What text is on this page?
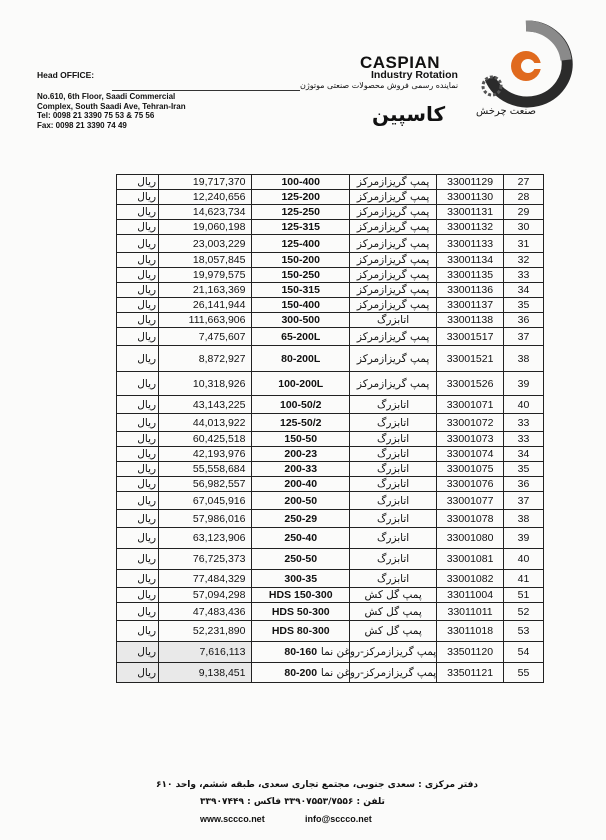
Head OFFICE:
No.610, 6th Floor, Saadi Commercial
Complex, South Saadi Ave, Tehran-Iran
Tel: 0098 21 3390 75 53 & 75 56
Fax: 0098 21 3390 74 49
CASPIAN
Industry Rotation
نماینده رسمی فروش محصولات صنعتی موتوژن
صنعت چرخش
کاسپین
ریال	19,717,370	100-400	پمپ گریزازمرکز	33001129	27
ریال	12,240,656	125-200	پمپ گریزازمرکز	33001130	28
ریال	14,623,734	125-250	پمپ گریزازمرکز	33001131	29
ریال	19,060,198	125-315	پمپ گریزازمرکز	33001132	30
ریال	23,003,229	125-400	پمپ گریزازمرکز	33001133	31
ریال	18,057,845	150-200	پمپ گریزازمرکز	33001134	32
ریال	19,979,575	150-250	پمپ گریزازمرکز	33001135	33
ریال	21,163,369	150-315	پمپ گریزازمرکز	33001136	34
ریال	26,141,944	150-400	پمپ گریزازمرکز	33001137	35
ریال	111,663,906	300-500	اتابزرگ	33001138	36
ریال	7,475,607	65-200L	پمپ گریزازمرکز	33001517	37
ریال	8,872,927	80-200L	پمپ گریزازمرکز	33001521	38
ریال	10,318,926	100-200L	پمپ گریزازمرکز	33001526	39
ریال	43,143,225	100-50/2	اتابزرگ	33001071	40
ریال	44,013,922	125-50/2	اتابزرگ	33001072	33
ریال	60,425,518	150-50	اتابزرگ	33001073	33
ریال	42,193,976	200-23	اتابزرگ	33001074	34
ریال	55,558,684	200-33	اتابزرگ	33001075	35
ریال	56,982,557	200-40	اتابزرگ	33001076	36
ریال	67,045,916	200-50	اتابزرگ	33001077	37
ریال	57,986,016	250-29	اتابزرگ	33001078	38
ریال	63,123,906	250-40	اتابزرگ	33001080	39
ریال	76,725,373	250-50	اتابزرگ	33001081	40
ریال	77,484,329	300-35	اتابزرگ	33001082	41
ریال	57,094,298	HDS 150-300	پمپ گل کش	33011004	51
ریال	47,483,436	HDS 50-300	پمپ گل کش	33011011	52
ریال	52,231,890	HDS 80-300	پمپ گل کش	33011018	53
ریال	7,616,113	80-160	پمپ گریزازمرکز-روغن نما	33501120	54
ریال	9,138,451	80-200	پمپ گریزازمرکز-روغن نما	33501121	55
دفتر مرکزی : سعدی جنوبی، مجتمع تجاری سعدی، طبقه ششم، واحد ۶۱۰
تلفن : ۳۳۹۰۷۵۵۳/۷۵۵۶ فاکس : ۳۳۹۰۷۴۴۹
www.sccco.net	info@sccco.net
